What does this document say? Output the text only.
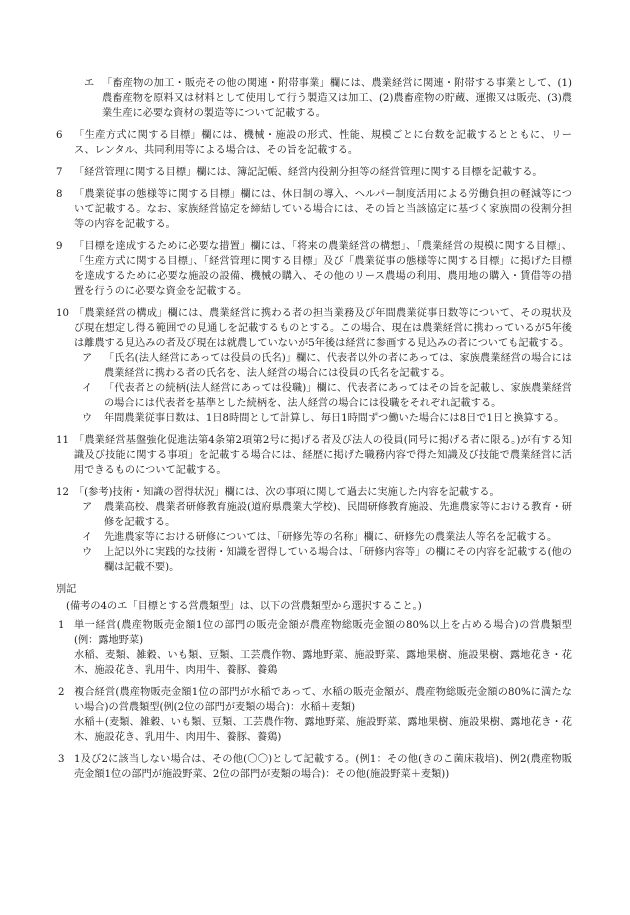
エ 「畜産物の加工・販売その他の関連・附帯事業」欄には、農業経営に関連・附帯する事業として、(1)農畜産物を原料又は材料として使用して行う製造又は加工、(2)農畜産物の貯蔵、運搬又は販売、(3)農業生産に必要な資材の製造等について記載する。
6 「生産方式に関する目標」欄には、機械・施設の形式、性能、規模ごとに台数を記載するとともに、リース、レンタル、共同利用等による場合は、その旨を記載する。
7 「経営管理に関する目標」欄には、簿記記帳、経営内役割分担等の経営管理に関する目標を記載する。
8 「農業従事の態様等に関する目標」欄には、休日制の導入、ヘルパー制度活用による労働負担の軽減等について記載する。なお、家族経営協定を締結している場合には、その旨と当該協定に基づく家族間の役割分担等の内容を記載する。
9 「目標を達成するために必要な措置」欄には、「将来の農業経営の構想」、「農業経営の規模に関する目標」、「生産方式に関する目標」、「経営管理に関する目標」及び「農業従事の態様等に関する目標」に掲げた目標を達成するために必要な施設の設備、機械の購入、その他のリース農場の利用、農用地の購入・賃借等の措置を行うのに必要な資金を記載する。
10 「農業経営の構成」欄には、農業経営に携わる者の担当業務及び年間農業従事日数等について、その現状及び現在想定し得る範囲での見通しを記載するものとする。この場合、現在は農業経営に携わっているが5年後は離農する見込みの者及び現在は就農していないが5年後は経営に参画する見込みの者についても記載する。
ア 「氏名(法人経営にあっては役員の氏名)」欄に、代表者以外の者にあっては、家族農業経営の場合には農業経営に携わる者の氏名を、法人経営の場合には役員の氏名を記載する。
イ 「代表者との続柄(法人経営にあっては役職)」欄に、代表者にあってはその旨を記載し、家族農業経営の場合には代表者を基準とした続柄を、法人経営の場合には役職をそれぞれ記載する。
ウ 年間農業従事日数は、1日8時間として計算し、毎日1時間ずつ働いた場合には8日で1日と換算する。
11 「農業経営基盤強化促進法第4条第2項第2号に掲げる者及び法人の役員(同号に掲げる者に限る。)が有する知識及び技能に関する事項」を記載する場合には、経歴に掲げた職務内容で得た知識及び技能で農業経営に活用できるものについて記載する。
12 「(参考)技術・知識の習得状況」欄には、次の事項に関して過去に実施した内容を記載する。
ア 農業高校、農業者研修教育施設(道府県農業大学校)、民間研修教育施設、先進農家等における教育・研修を記載する。
イ 先進農家等における研修については、「研修先等の名称」欄に、研修先の農業法人等名を記載する。
ウ 上記以外に実践的な技術・知識を習得している場合は、「研修内容等」の欄にその内容を記載する(他の欄は記載不要)。
別記
(備考の4のエ「目標とする営農類型」は、以下の営農類型から選択すること。)
1 単一経営(農産物販売金額1位の部門の販売金額が農産物総販売金額の80%以上を占める場合)の営農類型(例：露地野菜)
水稲、麦類、雑穀、いも類、豆類、工芸農作物、露地野菜、施設野菜、露地果樹、施設果樹、露地花き・花木、施設花き、乳用牛、肉用牛、養豚、養鶏
2 複合経営(農産物販売金額1位の部門が水稲であって、水稲の販売金額が、農産物総販売金額の80%に満たない場合)の営農類型(例(2位の部門が麦類の場合)：水稲＋麦類)
水稲＋(麦類、雑穀、いも類、豆類、工芸農作物、露地野菜、施設野菜、露地果樹、施設果樹、露地花き・花木、施設花き、乳用牛、肉用牛、養豚、養鶏)
3 1及び2に該当しない場合は、その他(〇〇)として記載する。(例1：その他(きのこ菌床栽培)、例2(農産物販売金額1位の部門が施設野菜、2位の部門が麦類の場合)：その他(施設野菜＋麦類))
